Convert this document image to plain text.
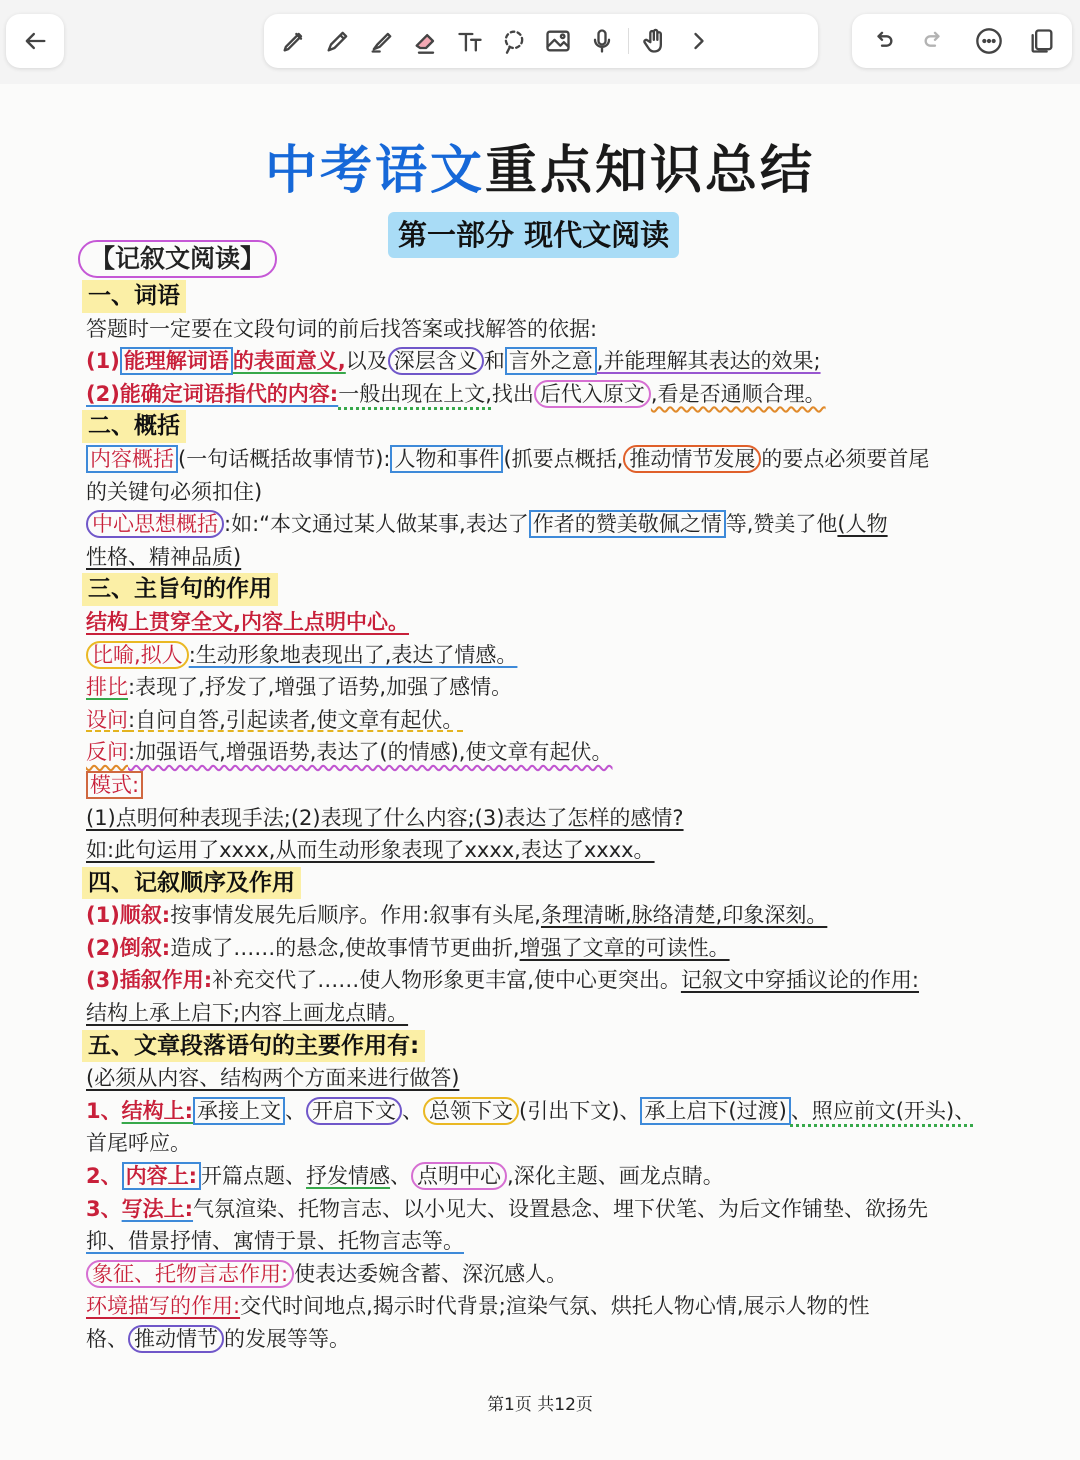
中考语文重点知识总结
第一部分 现代文阅读
【记叙文阅读】
一、词语
答题时一定要在文段句词的前后找答案或找解答的依据:
(1) 能理解词语 的表面意义,以及 深层含义 和 言外之意 ,并能理解其表达的效果;
(2)能确定词语指代的内容:一般出现在上文,找出 后代入原文 ,看是否通顺合理。
二、概括
内容概括 (一句话概括故事情节): 人物和事件 (抓要点概括, 推动情节发展 的要点必须要首尾
的关键句必须扣住)
中心思想概括 :如:“本文通过某人做某事,表达了 作者的赞美敬佩之情 等,赞美了他(人物
性格、精神品质)
三、主旨句的作用
结构上贯穿全文,内容上点明中心。
比喻,拟人 :生动形象地表现出了,表达了情感。
排比:表现了,抒发了,增强了语势,加强了感情。
设问:自问自答,引起读者,使文章有起伏。
反问:加强语气,增强语势,表达了(的情感),使文章有起伏。
模式:
(1)点明何种表现手法;(2)表现了什么内容;(3)表达了怎样的感情?
如:此句运用了xxxx,从而生动形象表现了xxxx,表达了xxxx。
四、记叙顺序及作用
(1)顺叙:按事情发展先后顺序。作用:叙事有头尾,条理清晰,脉络清楚,印象深刻。
(2)倒叙:造成了……的悬念,使故事情节更曲折,增强了文章的可读性。
(3)插叙作用:补充交代了……使人物形象更丰富,使中心更突出。记叙文中穿插议论的作用:
结构上承上启下;内容上画龙点睛。
五、文章段落语句的主要作用有:
(必须从内容、结构两个方面来进行做答)
1、结构上: 承接上文 、 开启下文 、 总领下文 (引出下文)、 承上启下(过渡) 、照应前文(开头)、
首尾呼应。
2、 内容上: 开篇点题、抒发情感、 点明中心 ,深化主题、画龙点睛。
3、写法上:气氛渲染、托物言志、以小见大、设置悬念、埋下伏笔、为后文作铺垫、欲扬先
抑、借景抒情、寓情于景、托物言志等。
象征、托物言志作用: 使表达委婉含蓄、深沉感人。
环境描写的作用:交代时间地点,揭示时代背景;渲染气氛、烘托人物心情,展示人物的性
格、 推动情节 的发展等等。
第1页 共12页
